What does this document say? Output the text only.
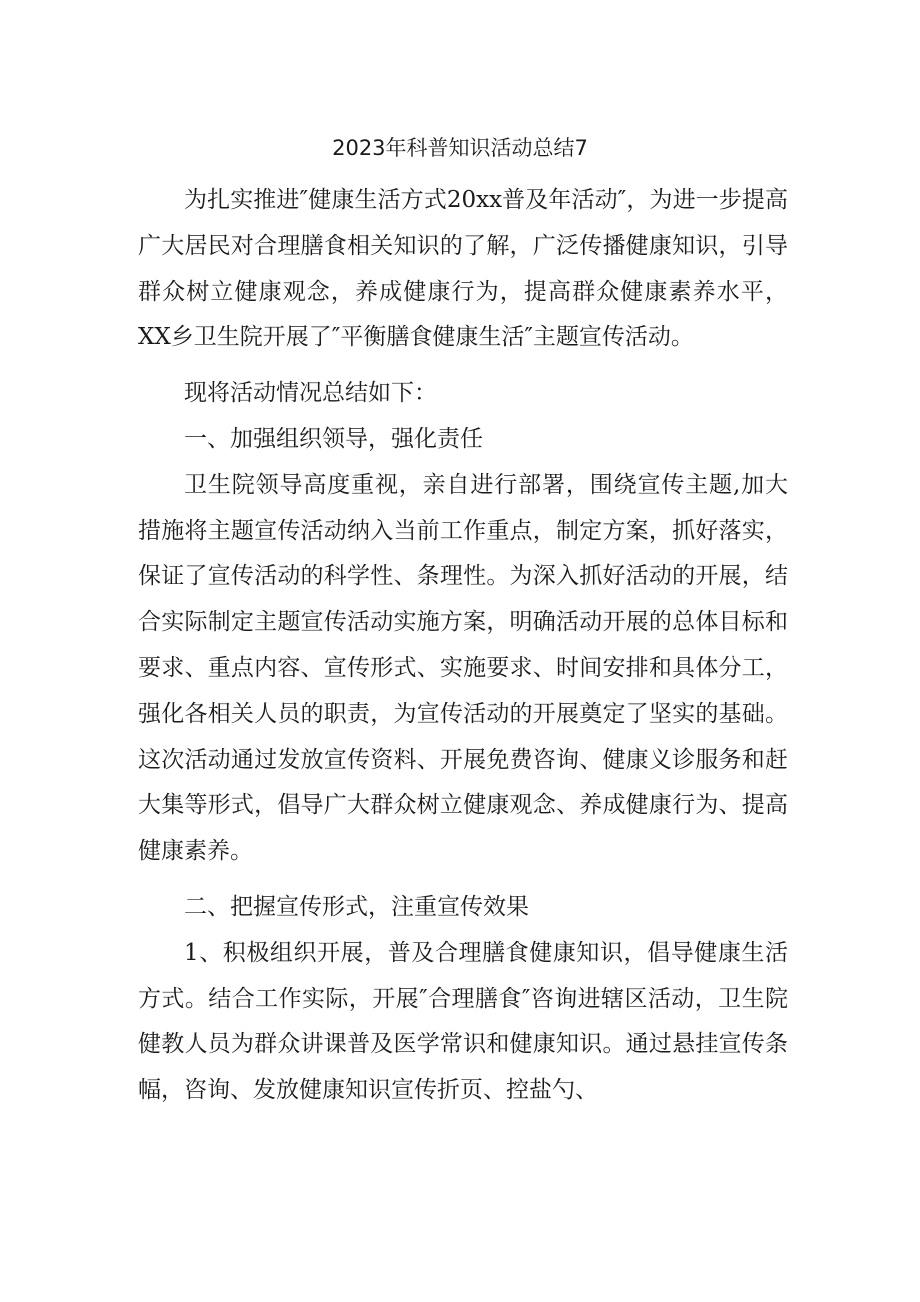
2023年科普知识活动总结7

为扎实推进″健康生活方式20xx普及年活动″，为进一步提高广大居民对合理膳食相关知识的了解，广泛传播健康知识，引导群众树立健康观念，养成健康行为，提高群众健康素养水平，XX乡卫生院开展了″平衡膳食健康生活″主题宣传活动。

现将活动情况总结如下：

一、加强组织领导，强化责任

卫生院领导高度重视，亲自进行部署，围绕宣传主题,加大措施将主题宣传活动纳入当前工作重点，制定方案，抓好落实，保证了宣传活动的科学性、条理性。为深入抓好活动的开展，结合实际制定主题宣传活动实施方案，明确活动开展的总体目标和要求、重点内容、宣传形式、实施要求、时间安排和具体分工，强化各相关人员的职责，为宣传活动的开展奠定了坚实的基础。这次活动通过发放宣传资料、开展免费咨询、健康义诊服务和赶大集等形式，倡导广大群众树立健康观念、养成健康行为、提高健康素养。

二、把握宣传形式，注重宣传效果

1、积极组织开展，普及合理膳食健康知识，倡导健康生活方式。结合工作实际，开展″合理膳食″咨询进辖区活动，卫生院健教人员为群众讲课普及医学常识和健康知识。通过悬挂宣传条幅，咨询、发放健康知识宣传折页、控盐勺、
